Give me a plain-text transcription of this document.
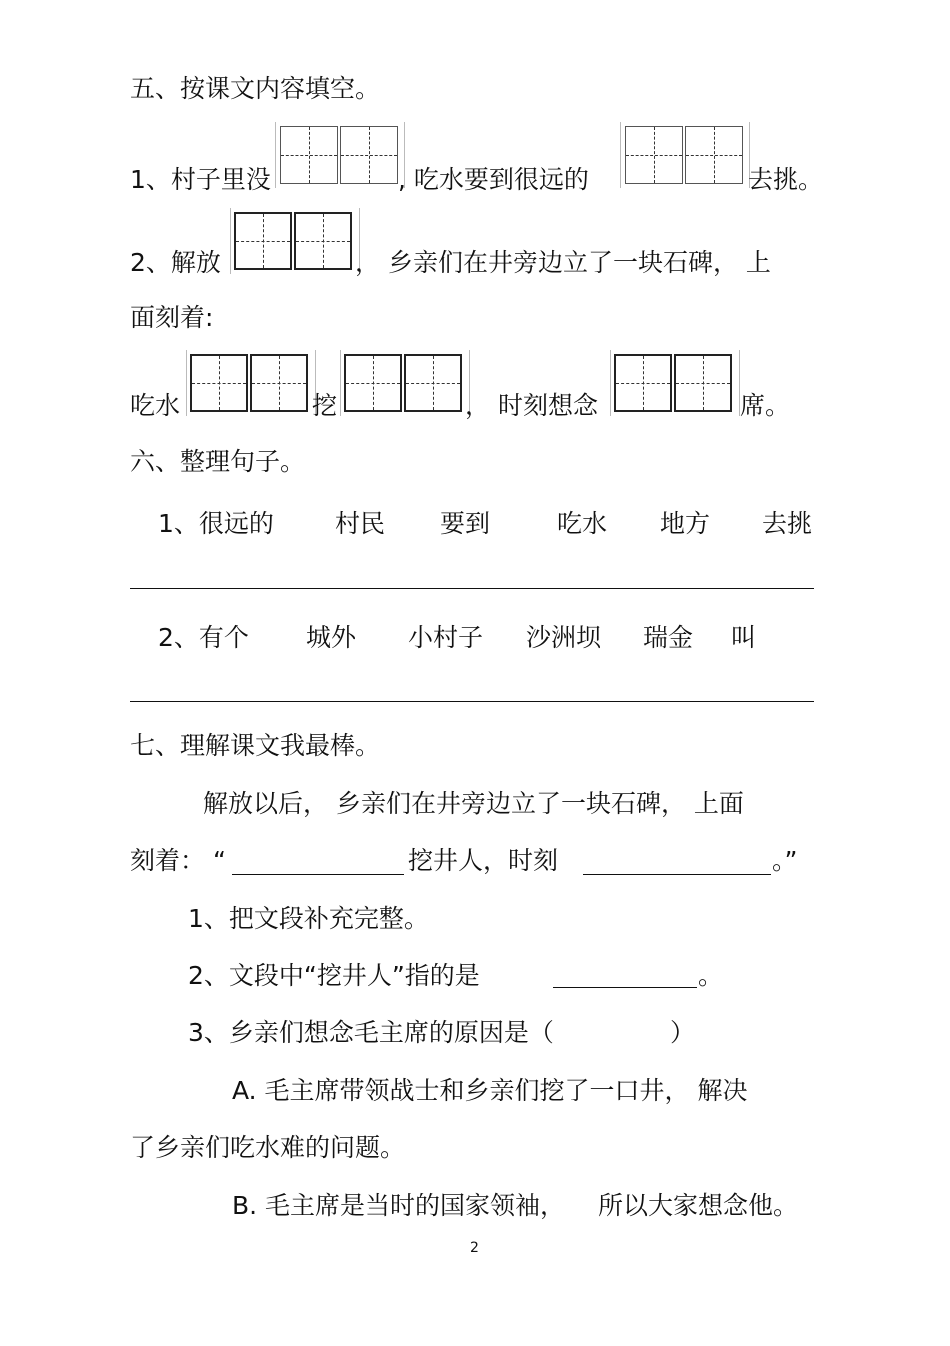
五、按课文内容填空。
1、村子里没	, 吃水要到很远的	去挑。
2、解放	， 乡亲们在井旁边立了一块石碑， 上
面刻着:
吃水	挖	， 时刻想念	席。
六、整理句子。
1、很远的 村民 要到	吃水 地方 去挑
2、有个 城外 小村子 沙洲坝 瑞金 叫
七、理解课文我最棒。
解放以后， 乡亲们在井旁边立了一块石碑， 上面
刻着： “	挖井人，时刻	。”
1、把文段补充完整。
2、文段中“挖井人”指的是	。
3、乡亲们想念毛主席的原因是（	）
A. 毛主席带领战士和乡亲们挖了一口井， 解决
了乡亲们吃水难的问题。
B. 毛主席是当时的国家领袖， 所以大家想念他。
2
